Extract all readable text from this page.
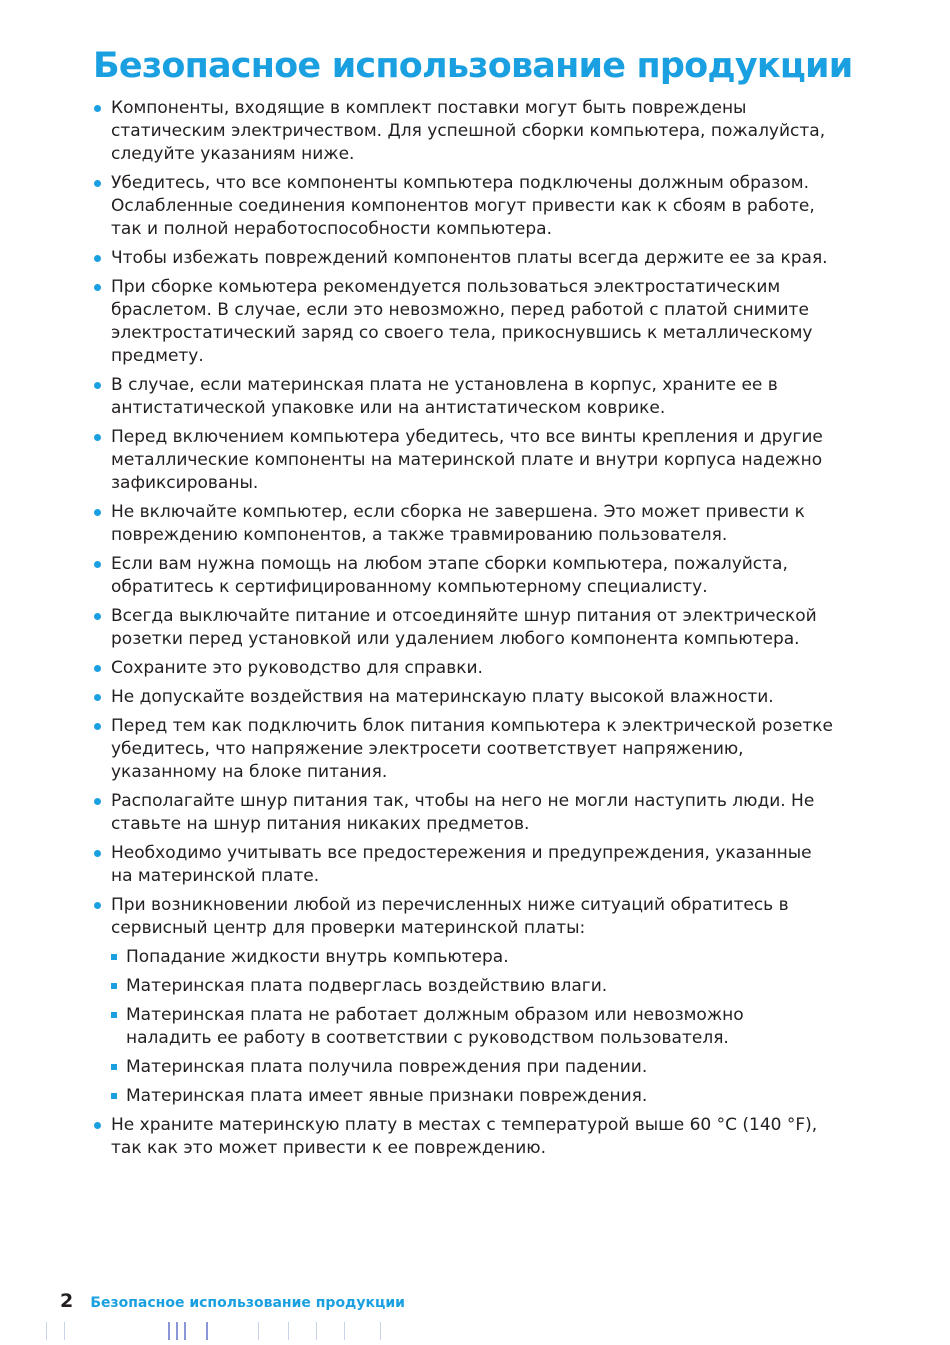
Безопасное использование продукции
Компоненты, входящие в комплект поставки могут быть повреждены статическим электричеством. Для успешной сборки компьютера, пожалуйста, следуйте указаниям ниже.
Убедитесь, что все компоненты компьютера подключены должным образом. Ослабленные соединения компонентов могут привести как к сбоям в работе, так и полной неработоспособности компьютера.
Чтобы избежать повреждений компонентов платы всегда держите ее за края.
При сборке комьютера рекомендуется пользоваться электростатическим браслетом. В случае, если это невозможно, перед работой с платой снимите электростатический заряд со своего тела, прикоснувшись к металлическому предмету.
В случае, если материнская плата не установлена в корпус, храните ее в антистатической упаковке или на антистатическом коврике.
Перед включением компьютера убедитесь, что все винты крепления и другие металлические компоненты на материнской плате и внутри корпуса надежно зафиксированы.
Не включайте компьютер, если сборка не завершена. Это может привести к повреждению компонентов, а также травмированию пользователя.
Если вам нужна помощь на любом этапе сборки компьютера, пожалуйста, обратитесь к сертифицированному компьютерному специалисту.
Всегда выключайте питание и отсоединяйте шнур питания от электрической розетки перед установкой или удалением любого компонента компьютера.
Сохраните это руководство для справки.
Не допускайте воздействия на материнскаую плату высокой влажности.
Перед тем как подключить блок питания компьютера к электрической розетке убедитесь, что напряжение электросети соответствует напряжению, указанному на блоке питания.
Располагайте шнур питания так, чтобы на него не могли наступить люди. Не ставьте на шнур питания никаких предметов.
Необходимо учитывать все предостережения и предупреждения, указанные на материнской плате.
При возникновении любой из перечисленных ниже ситуаций обратитесь в сервисный центр для проверки материнской платы:
Попадание жидкости внутрь компьютера.
Материнская плата подверглась воздействию влаги.
Материнская плата не работает должным образом или невозможно наладить ее работу в соответствии с руководством пользователя.
Материнская плата получила повреждения при падении.
Материнская плата имеет явные признаки повреждения.
Не храните материнскую плату в местах с температурой выше 60 °C (140 °F), так как это может привести к ее повреждению.
2 Безопасное использование продукции
